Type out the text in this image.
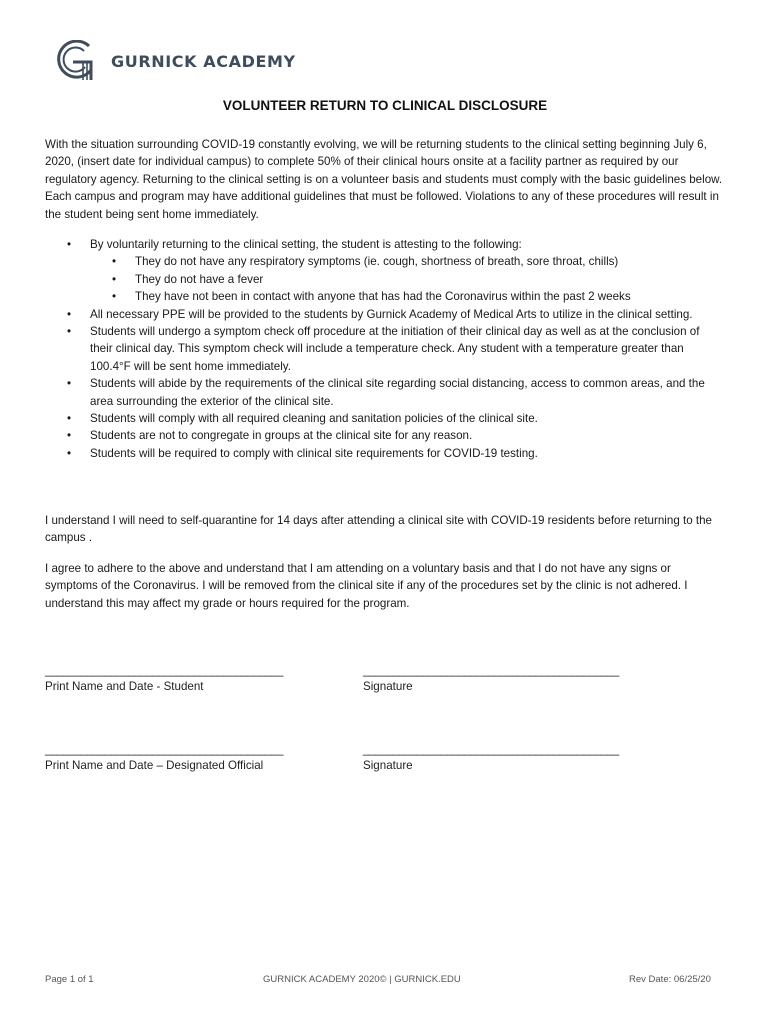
GURNICK ACADEMY
VOLUNTEER RETURN TO CLINICAL DISCLOSURE
With the situation surrounding COVID-19 constantly evolving, we will be returning students to the clinical setting beginning July 6, 2020, (insert date for individual campus) to complete 50% of their clinical hours onsite at a facility partner as required by our regulatory agency. Returning to the clinical setting is on a volunteer basis and students must comply with the basic guidelines below. Each campus and program may have additional guidelines that must be followed. Violations to any of these procedures will result in the student being sent home immediately.
• By voluntarily returning to the clinical setting, the student is attesting to the following:
• They do not have any respiratory symptoms (ie. cough, shortness of breath, sore throat, chills)
• They do not have a fever
• They have not been in contact with anyone that has had the Coronavirus within the past 2 weeks
• All necessary PPE will be provided to the students by Gurnick Academy of Medical Arts to utilize in the clinical setting.
• Students will undergo a symptom check off procedure at the initiation of their clinical day as well as at the conclusion of their clinical day. This symptom check will include a temperature check. Any student with a temperature greater than 100.4°F will be sent home immediately.
• Students will abide by the requirements of the clinical site regarding social distancing, access to common areas, and the area surrounding the exterior of the clinical site.
• Students will comply with all required cleaning and sanitation policies of the clinical site.
• Students are not to congregate in groups at the clinical site for any reason.
• Students will be required to comply with clinical site requirements for COVID-19 testing.
I understand I will need to self-quarantine for 14 days after attending a clinical site with COVID-19 residents before returning to the campus .
I agree to adhere to the above and understand that I am attending on a voluntary basis and that I do not have any signs or symptoms of the Coronavirus. I will be removed from the clinical site if any of the procedures set by the clinic is not adhered. I understand this may affect my grade or hours required for the program.
________________________________________	___________________________________________
Print Name and Date - Student	Signature
________________________________________	___________________________________________
Print Name and Date – Designated Official	Signature
Page 1 of 1	GURNICK ACADEMY 2020© | GURNICK.EDU	Rev Date: 06/25/20
